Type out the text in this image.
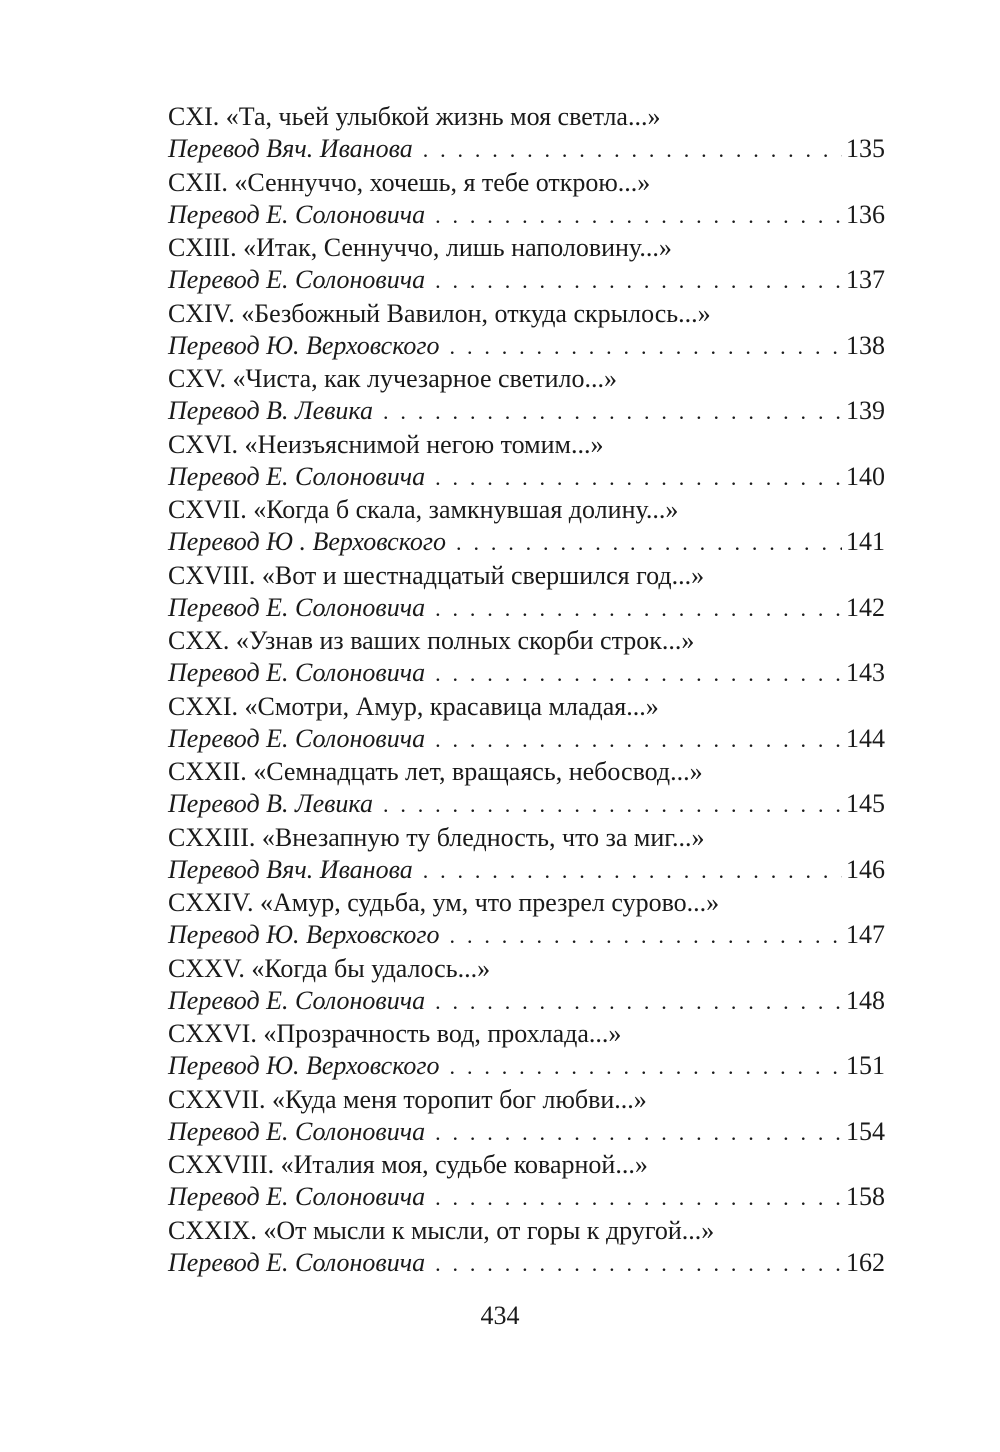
CXI. «Та, чьей улыбкой жизнь моя светла...»
Перевод Вяч. Иванова . . .	135
CXII. «Сеннуччо, хочешь, я тебе открою...»
Перевод Е. Солоновича . . .	136
CXIII. «Итак, Сеннуччо, лишь наполовину...»
Перевод Е. Солоновича . . .	137
CXIV. «Безбожный Вавилон, откуда скрылось...»
Перевод Ю. Верховского . . .	138
CXV. «Чиста, как лучезарное светило...»
Перевод В. Левика . . .	139
CXVI. «Неизъяснимой негою томим...»
Перевод Е. Солоновича . . .	140
CXVII. «Когда б скала, замкнувшая долину...»
Перевод Ю . Верховского . . .	141
CXVIII. «Вот и шестнадцатый свершился год...»
Перевод Е. Солоновича . . .	142
CXX. «Узнав из ваших полных скорби строк...»
Перевод Е. Солоновича . . .	143
CXXI. «Смотри, Амур, красавица младая...»
Перевод Е. Солоновича . . .	144
CXXII. «Семнадцать лет, вращаясь, небосвод...»
Перевод В. Левика . . .	145
CXXIII. «Внезапную ту бледность, что за миг...»
Перевод Вяч. Иванова . . .	146
CXXIV. «Амур, судьба, ум, что презрел сурово...»
Перевод Ю. Верховского . . .	147
CXXV. «Когда бы удалось...»
Перевод Е. Солоновича . . .	148
CXXVI. «Прозрачность вод, прохлада...»
Перевод Ю. Верховского . . .	151
CXXVII. «Куда меня торопит бог любви...»
Перевод Е. Солоновича . . .	154
CXXVIII. «Италия моя, судьбе коварной...»
Перевод Е. Солоновича . . .	158
CXXIX. «От мысли к мысли, от горы к другой...»
Перевод Е. Солоновича . . .	162
434
